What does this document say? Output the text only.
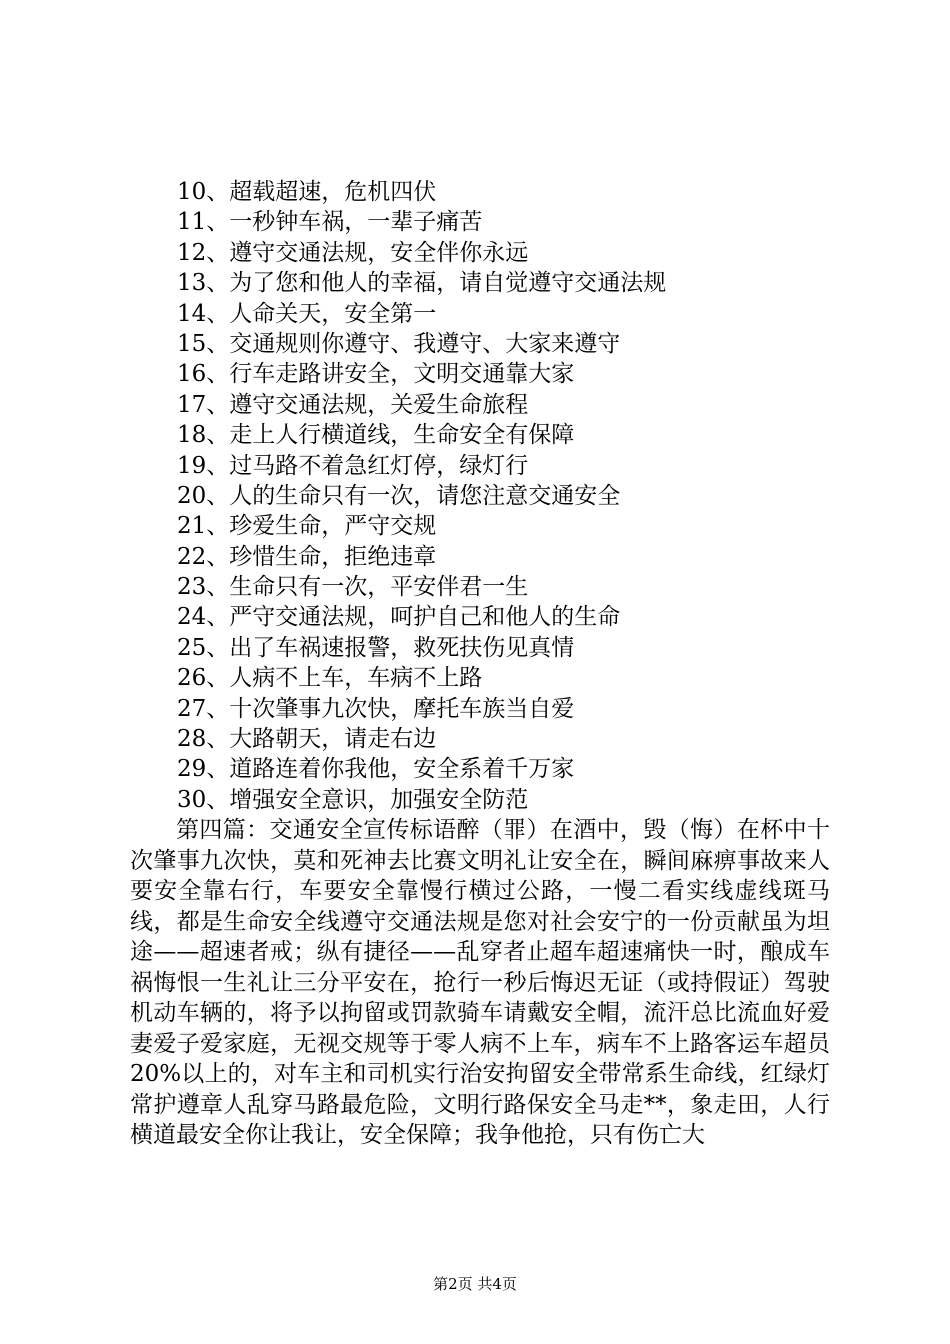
10、超载超速，危机四伏
11、一秒钟车祸，一辈子痛苦
12、遵守交通法规，安全伴你永远
13、为了您和他人的幸福，请自觉遵守交通法规
14、人命关天，安全第一
15、交通规则你遵守、我遵守、大家来遵守
16、行车走路讲安全，文明交通靠大家
17、遵守交通法规，关爱生命旅程
18、走上人行横道线，生命安全有保障
19、过马路不着急红灯停，绿灯行
20、人的生命只有一次，请您注意交通安全
21、珍爱生命，严守交规
22、珍惜生命，拒绝违章
23、生命只有一次，平安伴君一生
24、严守交通法规，呵护自己和他人的生命
25、出了车祸速报警，救死扶伤见真情
26、人病不上车，车病不上路
27、十次肇事九次快，摩托车族当自爱
28、大路朝天，请走右边
29、道路连着你我他，安全系着千万家
30、增强安全意识，加强安全防范

第四篇：交通安全宣传标语醉（罪）在酒中，毁（悔）在杯中十次肇事九次快，莫和死神去比赛文明礼让安全在，瞬间麻痹事故来人要安全靠右行，车要安全靠慢行横过公路，一慢二看实线虚线斑马线，都是生命安全线遵守交通法规是您对社会安宁的一份贡献虽为坦途——超速者戒；纵有捷径——乱穿者止超车超速痛快一时，酿成车祸悔恨一生礼让三分平安在，抢行一秒后悔迟无证（或持假证）驾驶机动车辆的，将予以拘留或罚款骑车请戴安全帽，流汗总比流血好爱妻爱子爱家庭，无视交规等于零人病不上车，病车不上路客运车超员20%以上的，对车主和司机实行治安拘留安全带常系生命线，红绿灯常护遵章人乱穿马路最危险，文明行路保安全马走**，象走田，人行横道最安全你让我让，安全保障；我争他抢，只有伤亡大

第2页 共4页
